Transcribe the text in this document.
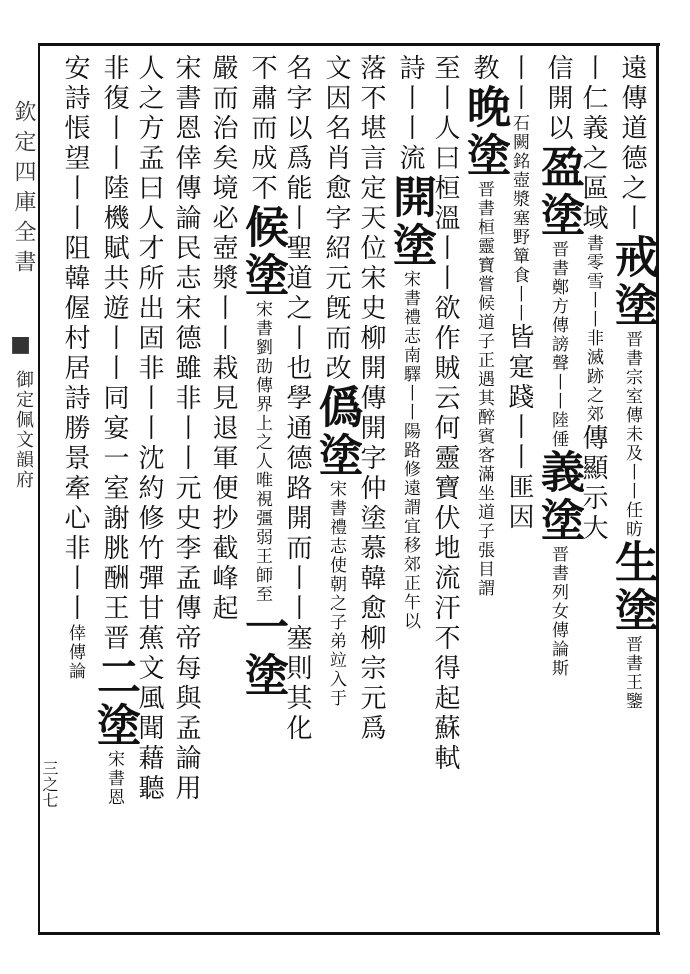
欽定四庫全書
■
御定佩文韻府
三之七
遠傳道德之丨戒塗晋書宗室傳未及丨丨任昉生塗晋書王鑒
丨仁義之區域書零雪丨丨非滅跡之郊傳顯示大
信開以盈塗晋書鄭方傳謗聲丨丨陸倕義塗晋書列女傳論斯
丨丨石闕銘壺漿塞野簞食丨丨皆寔踐丨丨匪因
教晚塗晋書桓靈寶嘗候道子正遇其醉賓客滿坐道子張目謂
至丨人曰桓溫丨丨欲作賊云何靈寶伏地流汗不得起蘇軾
詩丨丨流開塗宋書禮志南驛丨丨陽路修遠謂宜移郊正午以
落不堪言定天位宋史柳開傳開字仲塗慕韓愈柳宗元爲
文因名肖愈字紹元旣而改僞塗宋書禮志使朝之子弟竝入于
名字以爲能丨聖道之丨也學通德路開而丨丨塞則其化
不肅而成不候塗宋書劉劭傳界上之人唯視彊弱王師至一塗
嚴而治矣境必壺漿丨丨栽見退軍便抄截峰起
宋書恩倖傳論民志宋德雖非丨丨元史李孟傳帝每與孟論用
人之方孟曰人才所出固非丨丨沈約修竹彈甘蕉文風聞藉聽
非復丨丨陸機賦共遊丨丨同宴一室謝朓酬王晋二塗宋書恩
安詩悵望丨丨阻韓偓村居詩勝景牽心非丨丨倖傳論
